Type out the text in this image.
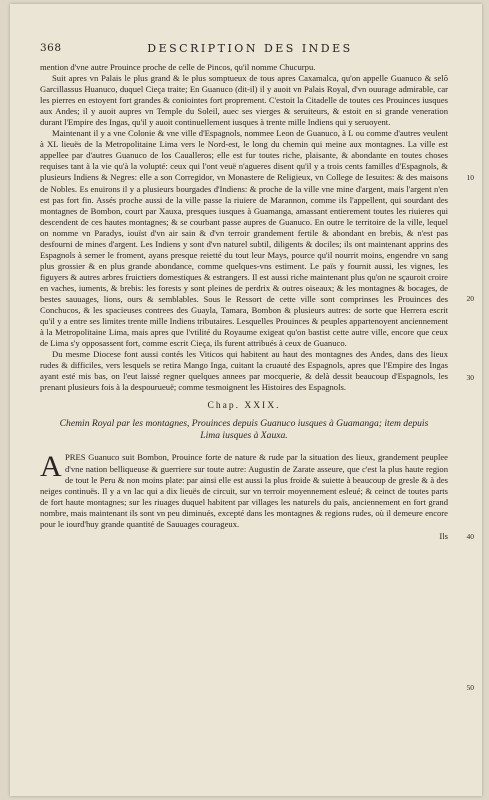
368	DESCRIPTION DES INDES
10
20
30
40
50

mention d'vne autre Prouince proche de celle de Pincos, qu'il nomme Chucurpu.

Suit apres vn Palais le plus grand & le plus somptueux de tous apres Caxamalca, qu'on appelle Guanuco & selõ Garcillassus Huanuco, duquel Cieça traite; En Guanuco (dit-il) il y auoit vn Palais Royal, d'vn ouurage admirable, car les pierres en estoyent fort grandes & coniointes fort proprement. C'estoit la Citadelle de toutes ces Prouinces iusques aux Andes; il y auoit aupres vn Temple du Soleil, auec ses vierges & seruiteurs, & estoit en si grande veneration durant l'Empire des Ingas, qu'il y auoit continuellement iusques à trente mille Indiens qui y seruoyent.

Maintenant il y a vne Colonie & vne ville d'Espagnols, nommee Leon de Guanuco, à L ou comme d'autres veulent à XL lieuës de la Metropolitaine Lima vers le Nord-est, le long du chemin qui meine aux montagnes. La ville est appellee par d'autres Guanuco de los Caualleros; elle est fur toutes riche, plaisante, & abondante en toutes choses requises tant à la vie qu'à la volupté: ceux qui l'ont veuë n'agueres disent qu'il y a trois cents familles d'Espagnols, & plusieurs Indiens & Negres: elle a son Corregidor, vn Monastere de Religieux, vn College de Iesuites: & des maisons de Nobles. Es enuirons il y a plusieurs bourgades d'Indiens: & proche de la ville vne mine d'argent, mais l'argent n'en est pas fort fin. Assés proche aussi de la ville passe la riuiere de Marannon, comme ils l'appellent, qui sourdant des montagnes de Bombon, court par Xauxa, presques iusques à Guamanga, amassant entierement toutes les riuieres qui descendent de ces hautes montagnes; & se courbant passe aupres de Guanuco. En outre le territoire de la ville, lequel on nomme vn Paradys, iouïst d'vn air sain & d'vn terroir grandement fertile & abondant en brebis, & n'est pas desfourni de mines d'argent. Les Indiens y sont d'vn naturel subtil, diligents & dociles; ils ont maintenant apprins des Espagnols à semer le froment, ayans presque reietté du tout leur Mays, pource qu'il nourrit moins, engendre vn sang plus grossier & en plus grande abondance, comme quelques-vns estiment. Le païs y fournit aussi, les vignes, les figuyers & autres arbres fruictiers domestiques & estrangers. Il est aussi riche maintenant plus qu'on ne sçauroit croire en vaches, iuments, & brebis: les forests y sont pleines de perdrix & outres oiseaux; & les montagnes & bocages, de bestes sauuages, lions, ours & semblables. Sous le Ressort de cette ville sont comprinses les Prouinces des Conchucos, & les spacieuses contrees des Guayla, Tamara, Bombon & plusieurs autres: de sorte que Herrera escrit qu'il y a entre ses limites trente mille Indiens tributaires. Lesquelles Prouinces & peuples appartenoyent anciennement à la Metropolitaine Lima, mais apres que l'vtilité du Royaume exigeat qu'on bastist cette autre ville, encore que ceux de Lima s'y opposassent fort, comme escrit Cieça, ils furent attribués à ceux de Guanuco.

Du mesme Diocese font aussi contés les Viticos qui habitent au haut des montagnes des Andes, dans des lieux rudes & difficiles, vers lesquels se retira Mango Inga, cuitant la cruauté des Espagnols, apres que l'Empire des Ingas ayant esté mis bas, on l'eut laissé regner quelques annees par mocquerie, & delà dessit beaucoup d'Espagnols, les prenant plusieurs fois à la despourueuë; comme tesmoignent les Histoires des Espagnols.

Chap. XXIX.
Chemin Royal par les montagnes, Prouinces depuis Guanuco iusques à Guamanga; item depuis Lima iusques à Xauxa.
A PRES Guanuco suit Bombon, Prouince forte de nature & rude par la situation des lieux, grandement peuplee d'vne nation belliqueuse & guerriere sur toute autre: Augustin de Zarate asseure, que c'est la plus haute region de tout le Peru & non moins plate: par ainsi elle est aussi la plus froide & suiette à beaucoup de gresle & à des neiges continuës. Il y a vn lac qui a dix lieuës de circuit, sur vn terroir moyennement esleué; & ceinct de toutes parts de fort haute montagnes; sur les riuages duquel habitent par villages les naturels du païs, anciennement en fort grand nombre, mais maintenant ils sont vn peu diminués, excepté dans les montagnes & regions rudes, où il demeure encore pour le iourd'huy grande quantité de Sauuages courageux.
Ils
